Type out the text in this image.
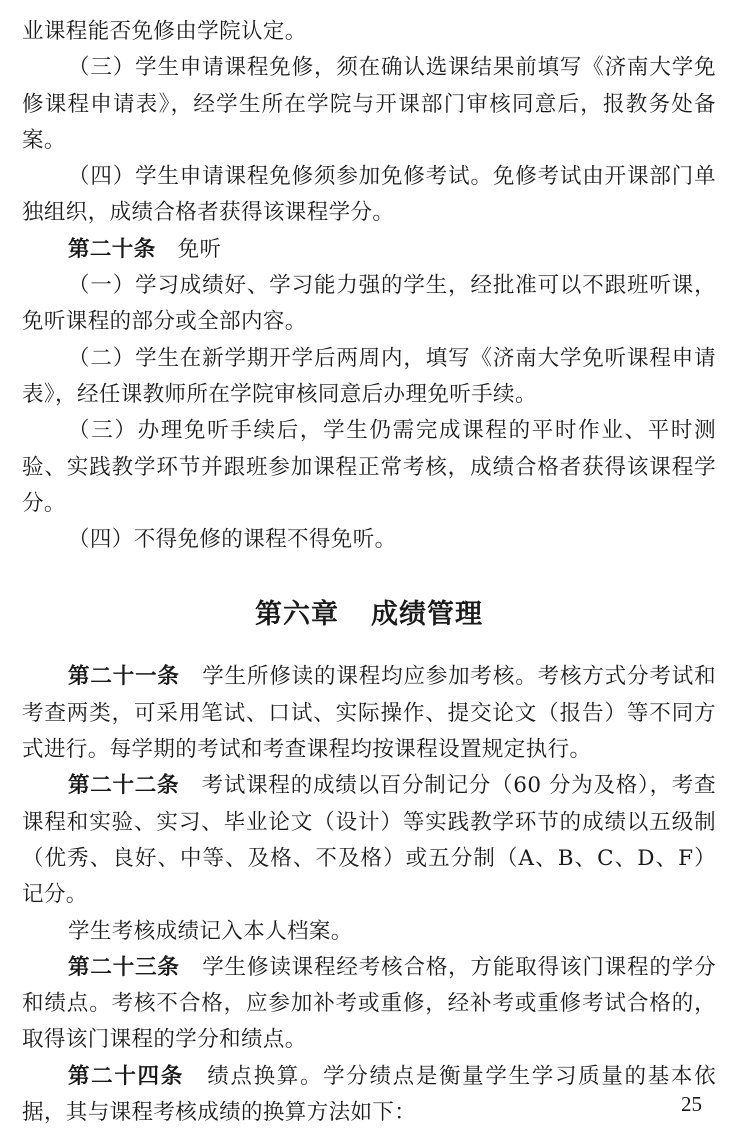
业课程能否免修由学院认定。

（三）学生申请课程免修，须在确认选课结果前填写《济南大学免修课程申请表》，经学生所在学院与开课部门审核同意后，报教务处备案。

（四）学生申请课程免修须参加免修考试。免修考试由开课部门单独组织，成绩合格者获得该课程学分。

第二十条 免听

（一）学习成绩好、学习能力强的学生，经批准可以不跟班听课，免听课程的部分或全部内容。

（二）学生在新学期开学后两周内，填写《济南大学免听课程申请表》，经任课教师所在学院审核同意后办理免听手续。

（三）办理免听手续后，学生仍需完成课程的平时作业、平时测验、实践教学环节并跟班参加课程正常考核，成绩合格者获得该课程学分。

（四）不得免修的课程不得免听。

第六章 成绩管理

第二十一条 学生所修读的课程均应参加考核。考核方式分考试和考查两类，可采用笔试、口试、实际操作、提交论文（报告）等不同方式进行。每学期的考试和考查课程均按课程设置规定执行。

第二十二条 考试课程的成绩以百分制记分（60 分为及格），考查课程和实验、实习、毕业论文（设计）等实践教学环节的成绩以五级制（优秀、良好、中等、及格、不及格）或五分制（A、B、C、D、F）记分。

学生考核成绩记入本人档案。

第二十三条 学生修读课程经考核合格，方能取得该门课程的学分和绩点。考核不合格，应参加补考或重修，经补考或重修考试合格的，取得该门课程的学分和绩点。

第二十四条 绩点换算。学分绩点是衡量学生学习质量的基本依据，其与课程考核成绩的换算方法如下：	25
